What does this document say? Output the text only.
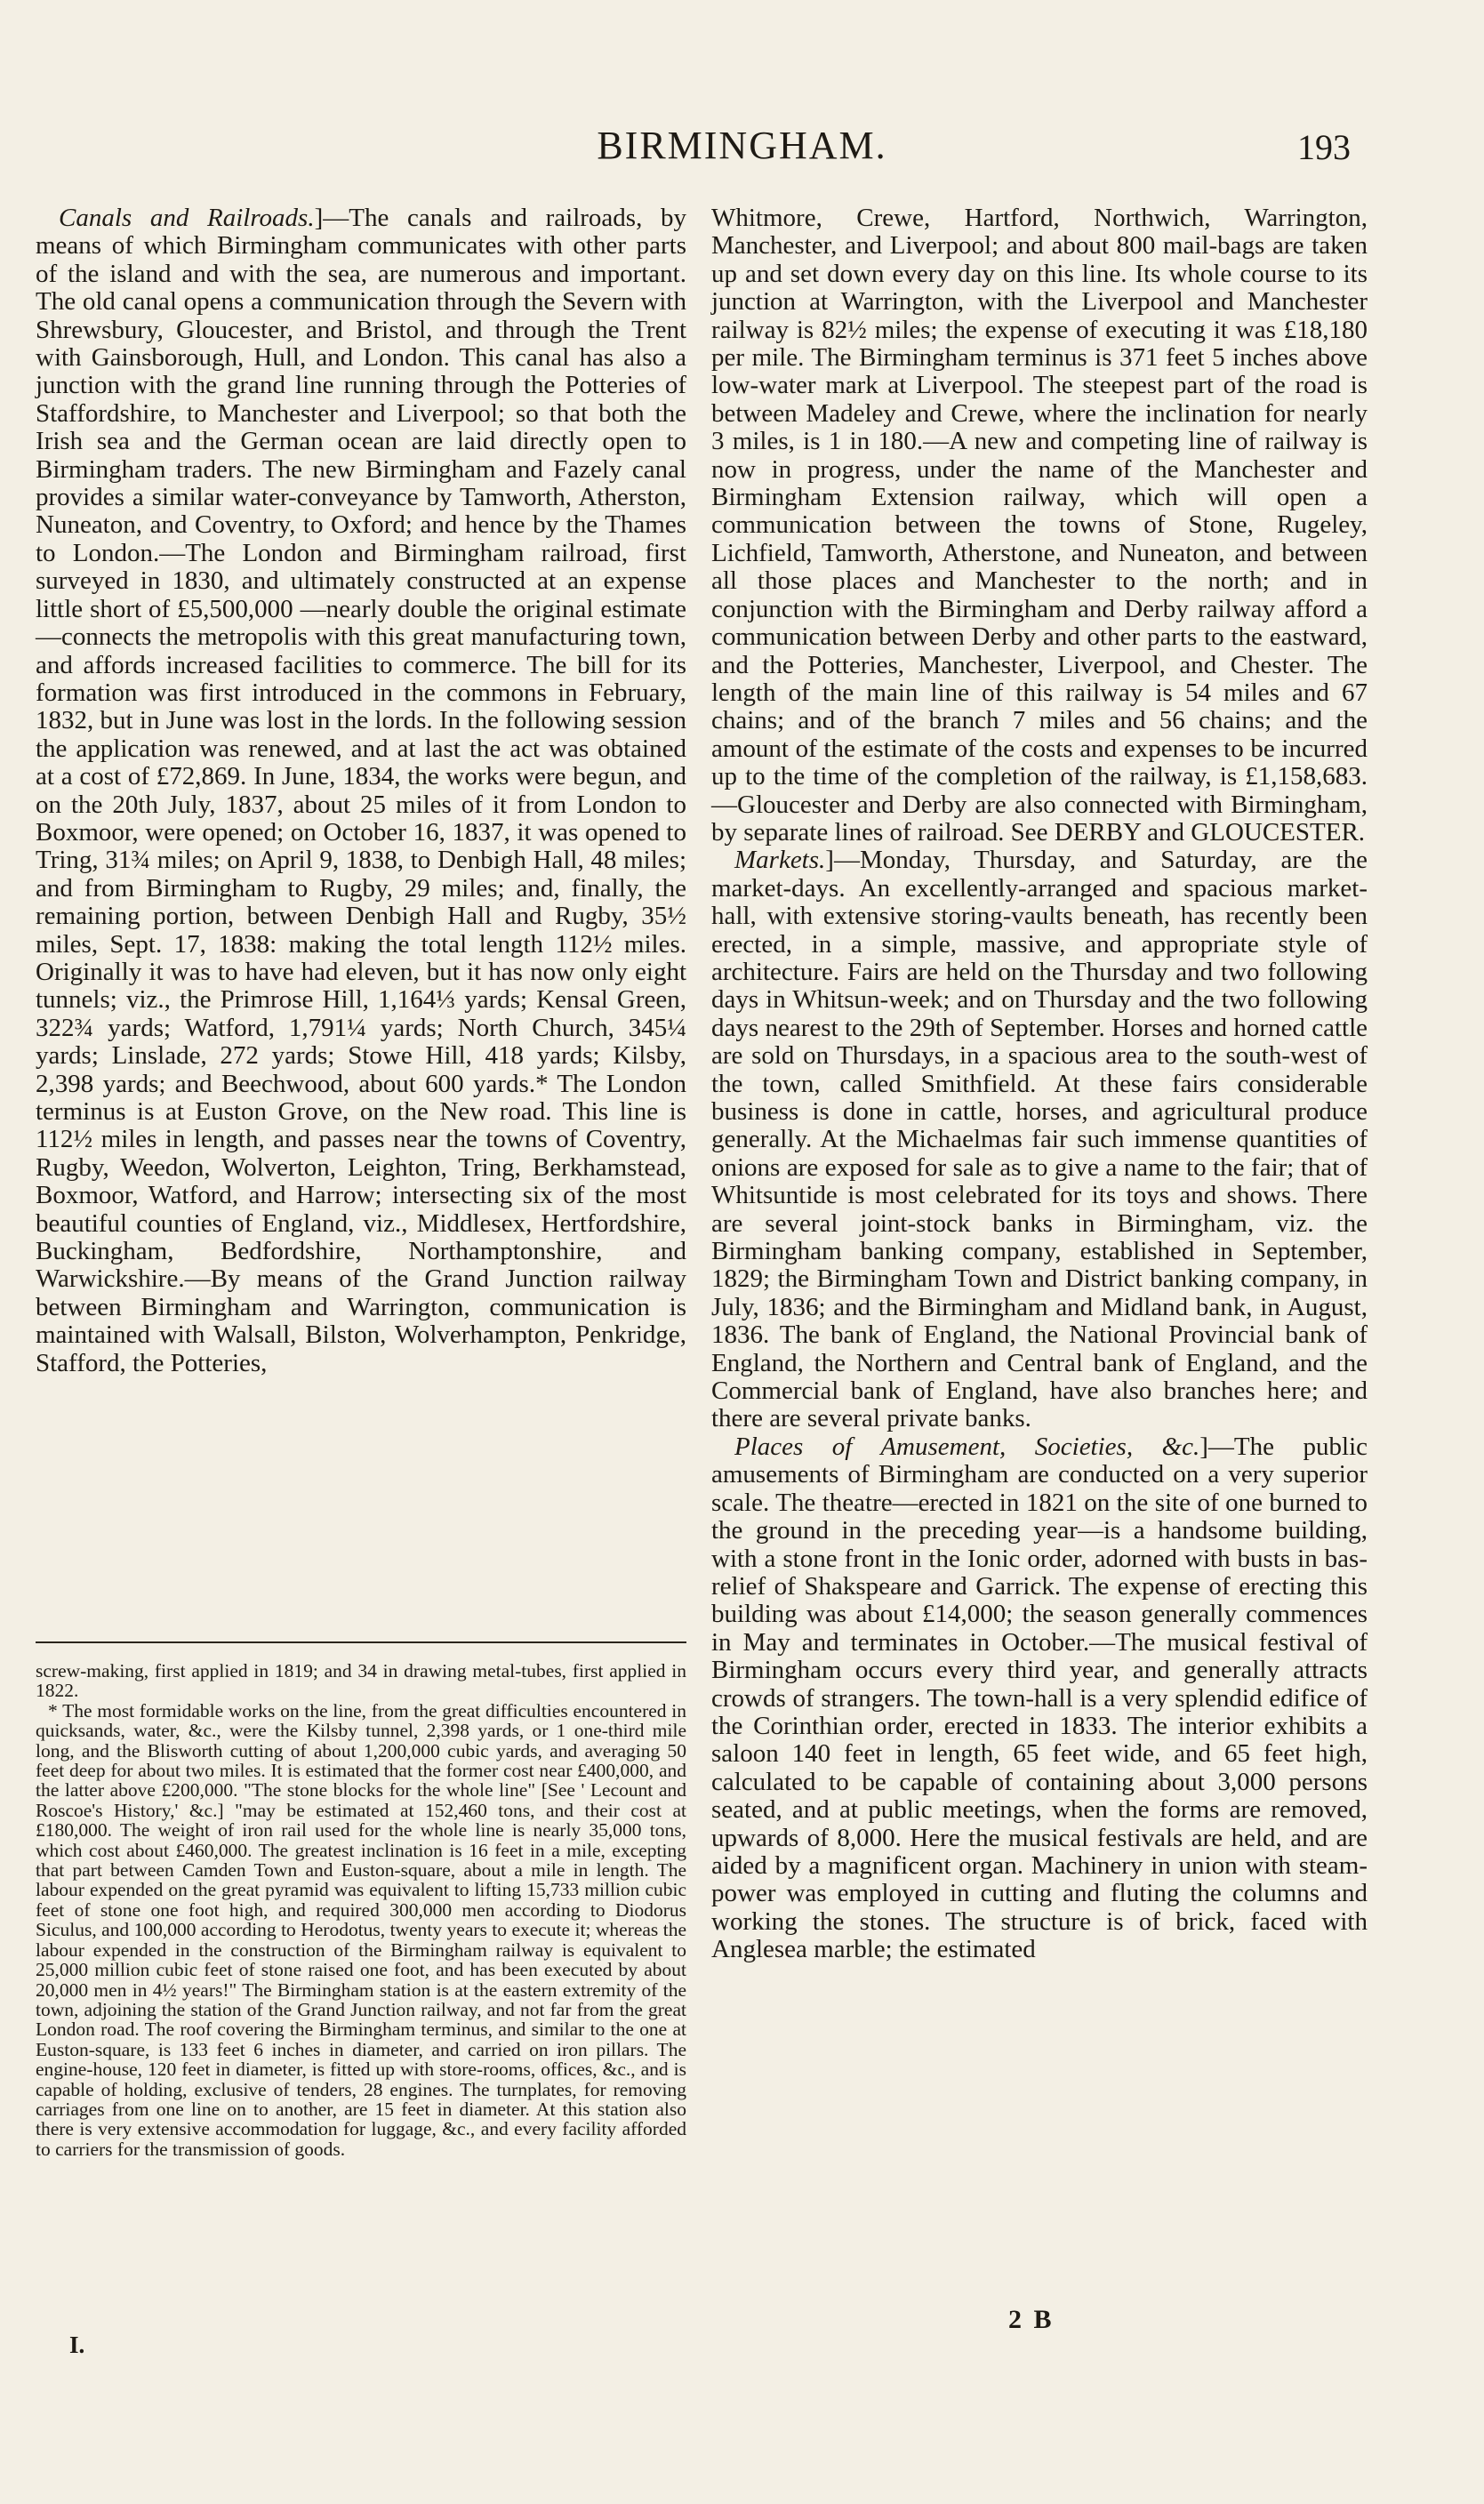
BIRMINGHAM.	193

Canals and Railroads.]—The canals and railroads, by means of which Birmingham communicates with other parts of the island and with the sea, are numerous and important. The old canal opens a communication through the Severn with Shrewsbury, Gloucester, and Bristol, and through the Trent with Gainsborough, Hull, and London. This canal has also a junction with the grand line running through the Potteries of Staffordshire, to Manchester and Liverpool; so that both the Irish sea and the German ocean are laid directly open to Birmingham traders. The new Birmingham and Fazely canal provides a similar water-conveyance by Tamworth, Atherston, Nuneaton, and Coventry, to Oxford; and hence by the Thames to London.—The London and Birmingham railroad, first surveyed in 1830, and ultimately constructed at an expense little short of £5,500,000 —nearly double the original estimate—connects the metropolis with this great manufacturing town, and affords increased facilities to commerce. The bill for its formation was first introduced in the commons in February, 1832, but in June was lost in the lords. In the following session the application was renewed, and at last the act was obtained at a cost of £72,869. In June, 1834, the works were begun, and on the 20th July, 1837, about 25 miles of it from London to Boxmoor, were opened; on October 16, 1837, it was opened to Tring, 31¾ miles; on April 9, 1838, to Denbigh Hall, 48 miles; and from Birmingham to Rugby, 29 miles; and, finally, the remaining portion, between Denbigh Hall and Rugby, 35½ miles, Sept. 17, 1838: making the total length 112½ miles. Originally it was to have had eleven, but it has now only eight tunnels; viz., the Primrose Hill, 1,164⅓ yards; Kensal Green, 322¾ yards; Watford, 1,791¼ yards; North Church, 345¼ yards; Linslade, 272 yards; Stowe Hill, 418 yards; Kilsby, 2,398 yards; and Beechwood, about 600 yards.* The London terminus is at Euston Grove, on the New road. This line is 112½ miles in length, and passes near the towns of Coventry, Rugby, Weedon, Wolverton, Leighton, Tring, Berkhamstead, Boxmoor, Watford, and Harrow; intersecting six of the most beautiful counties of England, viz., Middlesex, Hertfordshire, Buckingham, Bedfordshire, Northamptonshire, and Warwickshire.—By means of the Grand Junction railway between Birmingham and Warrington, communication is maintained with Walsall, Bilston, Wolverhampton, Penkridge, Stafford, the Potteries,

screw-making, first applied in 1819; and 34 in drawing metal-tubes, first applied in 1822.

* The most formidable works on the line, from the great difficulties encountered in quicksands, water, &c., were the Kilsby tunnel, 2,398 yards, or 1 one-third mile long, and the Blisworth cutting of about 1,200,000 cubic yards, and averaging 50 feet deep for about two miles. It is estimated that the former cost near £400,000, and the latter above £200,000. "The stone blocks for the whole line" [See ' Lecount and Roscoe's History,' &c.] "may be estimated at 152,460 tons, and their cost at £180,000. The weight of iron rail used for the whole line is nearly 35,000 tons, which cost about £460,000. The greatest inclination is 16 feet in a mile, excepting that part between Camden Town and Euston-square, about a mile in length. The labour expended on the great pyramid was equivalent to lifting 15,733 million cubic feet of stone one foot high, and required 300,000 men according to Diodorus Siculus, and 100,000 according to Herodotus, twenty years to execute it; whereas the labour expended in the construction of the Birmingham railway is equivalent to 25,000 million cubic feet of stone raised one foot, and has been executed by about 20,000 men in 4½ years!" The Birmingham station is at the eastern extremity of the town, adjoining the station of the Grand Junction railway, and not far from the great London road. The roof covering the Birmingham terminus, and similar to the one at Euston-square, is 133 feet 6 inches in diameter, and carried on iron pillars. The engine-house, 120 feet in diameter, is fitted up with store-rooms, offices, &c., and is capable of holding, exclusive of tenders, 28 engines. The turnplates, for removing carriages from one line on to another, are 15 feet in diameter. At this station also there is very extensive accommodation for luggage, &c., and every facility afforded to carriers for the transmission of goods.

Whitmore, Crewe, Hartford, Northwich, Warrington, Manchester, and Liverpool; and about 800 mail-bags are taken up and set down every day on this line. Its whole course to its junction at Warrington, with the Liverpool and Manchester railway is 82½ miles; the expense of executing it was £18,180 per mile. The Birmingham terminus is 371 feet 5 inches above low-water mark at Liverpool. The steepest part of the road is between Madeley and Crewe, where the inclination for nearly 3 miles, is 1 in 180.—A new and competing line of railway is now in progress, under the name of the Manchester and Birmingham Extension railway, which will open a communication between the towns of Stone, Rugeley, Lichfield, Tamworth, Atherstone, and Nuneaton, and between all those places and Manchester to the north; and in conjunction with the Birmingham and Derby railway afford a communication between Derby and other parts to the eastward, and the Potteries, Manchester, Liverpool, and Chester. The length of the main line of this railway is 54 miles and 67 chains; and of the branch 7 miles and 56 chains; and the amount of the estimate of the costs and expenses to be incurred up to the time of the completion of the railway, is £1,158,683.—Gloucester and Derby are also connected with Birmingham, by separate lines of railroad. See DERBY and GLOUCESTER.

Markets.]—Monday, Thursday, and Saturday, are the market-days. An excellently-arranged and spacious market-hall, with extensive storing-vaults beneath, has recently been erected, in a simple, massive, and appropriate style of architecture. Fairs are held on the Thursday and two following days in Whitsun-week; and on Thursday and the two following days nearest to the 29th of September. Horses and horned cattle are sold on Thursdays, in a spacious area to the south-west of the town, called Smithfield. At these fairs considerable business is done in cattle, horses, and agricultural produce generally. At the Michaelmas fair such immense quantities of onions are exposed for sale as to give a name to the fair; that of Whitsuntide is most celebrated for its toys and shows. There are several joint-stock banks in Birmingham, viz. the Birmingham banking company, established in September, 1829; the Birmingham Town and District banking company, in July, 1836; and the Birmingham and Midland bank, in August, 1836. The bank of England, the National Provincial bank of England, the Northern and Central bank of England, and the Commercial bank of England, have also branches here; and there are several private banks.

Places of Amusement, Societies, &c.]—The public amusements of Birmingham are conducted on a very superior scale. The theatre—erected in 1821 on the site of one burned to the ground in the preceding year—is a handsome building, with a stone front in the Ionic order, adorned with busts in bas-relief of Shakspeare and Garrick. The expense of erecting this building was about £14,000; the season generally commences in May and terminates in October.—The musical festival of Birmingham occurs every third year, and generally attracts crowds of strangers. The town-hall is a very splendid edifice of the Corinthian order, erected in 1833. The interior exhibits a saloon 140 feet in length, 65 feet wide, and 65 feet high, calculated to be capable of containing about 3,000 persons seated, and at public meetings, when the forms are removed, upwards of 8,000. Here the musical festivals are held, and are aided by a magnificent organ. Machinery in union with steam-power was employed in cutting and fluting the columns and working the stones. The structure is of brick, faced with Anglesea marble; the estimated

I.
2 B
